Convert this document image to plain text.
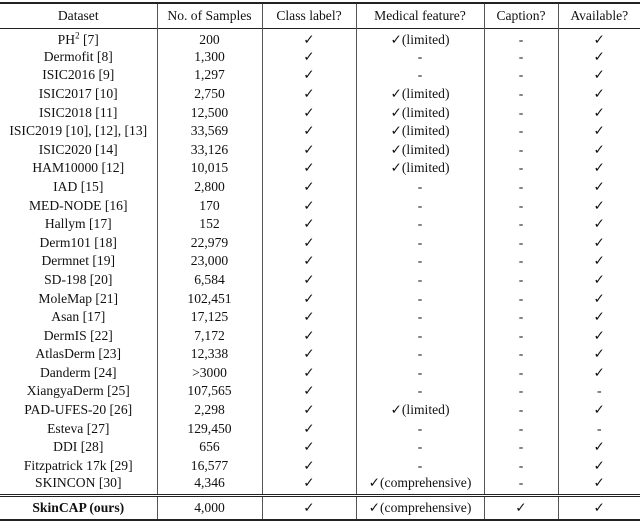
Dataset	No. of Samples	Class label?	Medical feature?	Caption?	Available?
$PH^2$ [7]	200	✓	✓(limited)	-	✓
Dermofit [8]	1,300	✓	-	-	✓
ISIC2016 [9]	1,297	✓	-	-	✓
ISIC2017 [10]	2,750	✓	✓(limited)	-	✓
ISIC2018 [11]	12,500	✓	✓(limited)	-	✓
ISIC2019 [10], [12], [13]	33,569	✓	✓(limited)	-	✓
ISIC2020 [14]	33,126	✓	✓(limited)	-	✓
HAM10000 [12]	10,015	✓	✓(limited)	-	✓
IAD [15]	2,800	✓	-	-	✓
MED-NODE [16]	170	✓	-	-	✓
Hallym [17]	152	✓	-	-	✓
Derm101 [18]	22,979	✓	-	-	✓
Dermnet [19]	23,000	✓	-	-	✓
SD-198 [20]	6,584	✓	-	-	✓
MoleMap [21]	102,451	✓	-	-	✓
Asan [17]	17,125	✓	-	-	✓
DermIS [22]	7,172	✓	-	-	✓
AtlasDerm [23]	12,338	✓	-	-	✓
Danderm [24]	>3000	✓	-	-	✓
XiangyaDerm [25]	107,565	✓	-	-	-
PAD-UFES-20 [26]	2,298	✓	✓(limited)	-	✓
Esteva [27]	129,450	✓	-	-	-
DDI [28]	656	✓	-	-	✓
Fitzpatrick 17k [29]	16,577	✓	-	-	✓
SKINCON [30]	4,346	✓	✓(comprehensive)	-	✓
SkinCAP (ours)	4,000	✓	✓(comprehensive)	✓	✓
